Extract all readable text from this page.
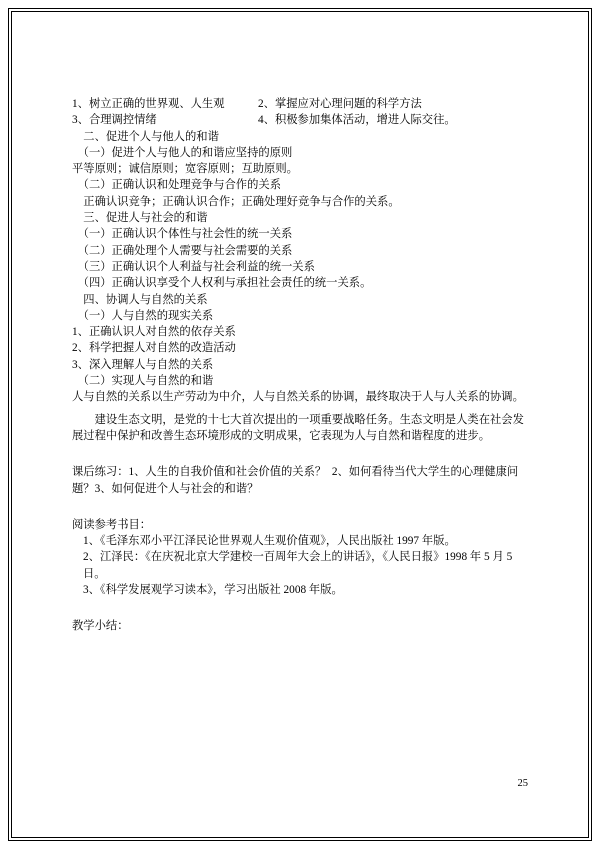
1、树立正确的世界观、人生观	2、掌握应对心理问题的科学方法
3、合理调控情绪	4、积极参加集体活动，增进人际交往。
　二、促进个人与他人的和谐
　（一）促进个人与他人的和谐应坚持的原则
平等原则；诚信原则；宽容原则；互助原则。
　（二）正确认识和处理竞争与合作的关系
　正确认识竞争；正确认识合作；正确处理好竞争与合作的关系。
　三、促进人与社会的和谐
　（一）正确认识个体性与社会性的统一关系
　（二）正确处理个人需要与社会需要的关系
　（三）正确认识个人利益与社会利益的统一关系
　（四）正确认识享受个人权利与承担社会责任的统一关系。
　四、协调人与自然的关系
　（一）人与自然的现实关系
1、正确认识人对自然的依存关系
2、科学把握人对自然的改造活动
3、深入理解人与自然的关系
　（二）实现人与自然的和谐
人与自然的关系以生产劳动为中介，人与自然关系的协调，最终取决于人与人关系的协调。
　　建设生态文明，是党的十七大首次提出的一项重要战略任务。生态文明是人类在社会发展过程中保护和改善生态环境形成的文明成果，它表现为人与自然和谐程度的进步。
课后练习：1、人生的自我价值和社会价值的关系？  2、如何看待当代大学生的心理健康问题？3、如何促进个人与社会的和谐？
阅读参考书目：
1、《毛泽东邓小平江泽民论世界观人生观价值观》，人民出版社 1997 年版。
2、江泽民：《在庆祝北京大学建校一百周年大会上的讲话》，《人民日报》1998 年 5 月 5 日。
3、《科学发展观学习读本》，学习出版社 2008 年版。
教学小结：
25
